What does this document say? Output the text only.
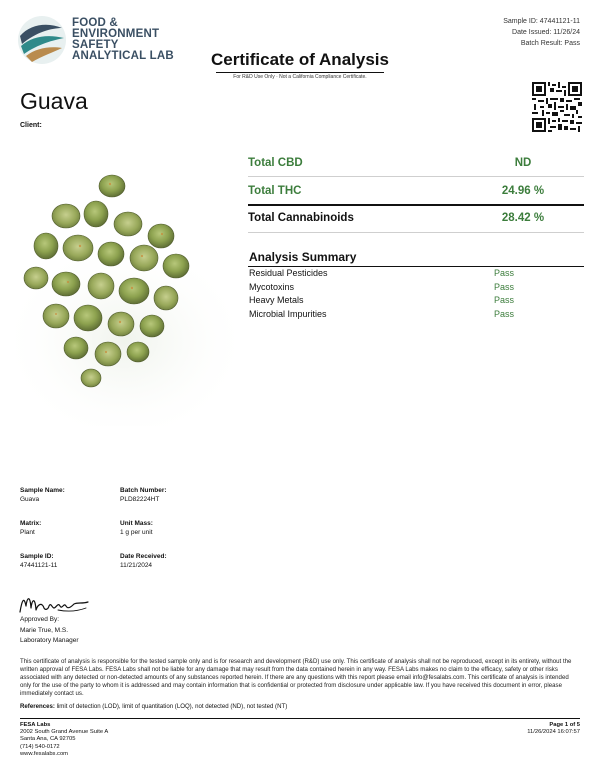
FOOD &
ENVIRONMENT
SAFETY
ANALYTICAL LAB
Sample ID: 47441121-11
Date Issued: 11/26/24
Batch Result: Pass
Certificate of Analysis
For R&D Use Only · Not a California Compliance Certificate.
Guava
Client:
Total CBD	ND
Total THC	24.96 %
Total Cannabinoids	28.42 %
Analysis Summary
Residual Pesticides	Pass
Mycotoxins	Pass
Heavy Metals	Pass
Microbial Impurities	Pass
Sample Name:
Guava
Batch Number:
PLD82224HT
Matrix:
Plant
Unit Mass:
1 g per unit
Sample ID:
47441121-11
Date Received:
11/21/2024
Approved By:
Marie True, M.S.
Laboratory Manager
This certificate of analysis is responsible for the tested sample only and is for research and development (R&D) use only. This certificate of analysis shall not be reproduced, except in its entirety, without the written approval of FESA Labs. FESA Labs shall not be liable for any damage that may result from the data contained herein in any way. FESA Labs makes no claim to the efficacy, safety or other risks associated with any detected or non-detected amounts of any substances reported herein. If there are any questions with this report please email info@fesalabs.com. This certificate of analysis is intended only for the use of the party to whom it is addressed and may contain information that is confidential or protected from disclosure under applicable law. If you have received this document in error, please immediately contact us.
References: limit of detection (LOD), limit of quantitation (LOQ), not detected (ND), not tested (NT)
FESA Labs
2002 South Grand Avenue Suite A
Santa Ana, CA 92705
(714) 540-0172
www.fesalabs.com
Page 1 of 5
11/26/2024 16:07:57
